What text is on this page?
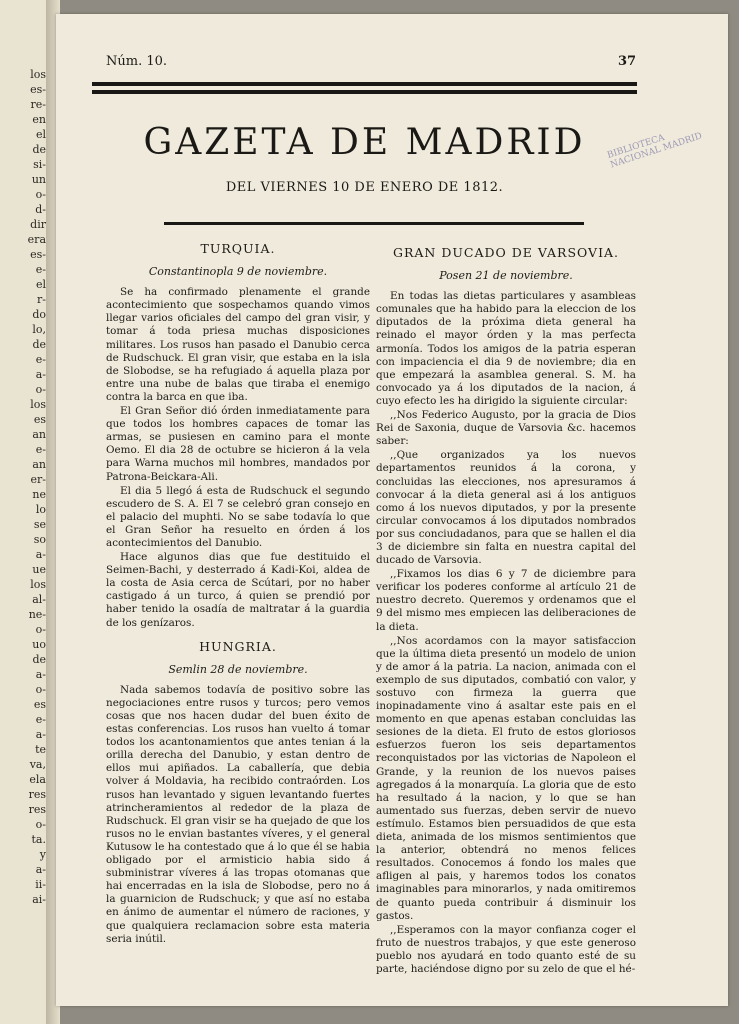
los
es-
re-
en
el
de
si-
un
o-
d-
dir
era
es-
e-
el
r-
do
lo,
de
e-
a-
o-
los
es
an
e-
an
er-
ne
lo
se
so
a-
ue
los
al-
ne-
o-
uo
de
a-
o-
es
e-
a-
te
va,
ela
res
res
o-
ta.
y
a-
ii-
ai-
Núm. 10.	37
GAZETA DE MADRID
DEL VIERNES 10 DE ENERO DE 1812.
BIBLIOTECA NACIONAL MADRID
TURQUIA.
Constantinopla 9 de noviembre.

Se ha confirmado plenamente el grande acontecimiento que sospechamos quando vimos llegar varios oficiales del campo del gran visir, y tomar á toda priesa muchas disposiciones militares. Los rusos han pasado el Danubio cerca de Rudschuck. El gran visir, que estaba en la isla de Slobodse, se ha refugiado á aquella plaza por entre una nube de balas que tiraba el enemigo contra la barca en que iba.

El Gran Señor dió órden inmediatamente para que todos los hombres capaces de tomar las armas, se pusiesen en camino para el monte Oemo. El dia 28 de octubre se hicieron á la vela para Warna muchos mil hombres, mandados por Patrona-Beickara-Ali.

El dia 5 llegó á esta de Rudschuck el segundo escudero de S. A. El 7 se celebró gran consejo en el palacio del muphti. No se sabe todavía lo que el Gran Señor ha resuelto en órden á los acontecimientos del Danubio.

Hace algunos dias que fue destituido el Seimen-Bachi, y desterrado á Kadi-Koi, aldea de la costa de Asia cerca de Scútari, por no haber castigado á un turco, á quien se prendió por haber tenido la osadía de maltratar á la guardia de los genízaros.

HUNGRIA.
Semlin 28 de noviembre.

Nada sabemos todavía de positivo sobre las negociaciones entre rusos y turcos; pero vemos cosas que nos hacen dudar del buen éxito de estas conferencias. Los rusos han vuelto á tomar todos los acantonamientos que antes tenian á la orilla derecha del Danubio, y estan dentro de ellos mui apiñados. La caballería, que debia volver á Moldavia, ha recibido contraórden. Los rusos han levantado y siguen levantando fuertes atrincheramientos al rededor de la plaza de Rudschuck. El gran visir se ha quejado de que los rusos no le envian bastantes víveres, y el general Kutusow le ha contestado que á lo que él se habia obligado por el armisticio habia sido á subministrar víveres á las tropas otomanas que hai encerradas en la isla de Slobodse, pero no á la guarnicion de Rudschuck; y que así no estaba en ánimo de aumentar el número de raciones, y que qualquiera reclamacion sobre esta materia seria inútil.

GRAN DUCADO DE VARSOVIA.
Posen 21 de noviembre.

En todas las dietas particulares y asambleas comunales que ha habido para la eleccion de los diputados de la próxima dieta general ha reinado el mayor órden y la mas perfecta armonía. Todos los amigos de la patria esperan con impaciencia el dia 9 de noviembre; dia en que empezará la asamblea general. S. M. ha convocado ya á los diputados de la nacion, á cuyo efecto les ha dirigido la siguiente circular:

,,Nos Federico Augusto, por la gracia de Dios Rei de Saxonia, duque de Varsovia &c. hacemos saber:

,,Que organizados ya los nuevos departamentos reunidos á la corona, y concluidas las elecciones, nos apresuramos á convocar á la dieta general asi á los antiguos como á los nuevos diputados, y por la presente circular convocamos á los diputados nombrados por sus conciudadanos, para que se hallen el dia 3 de diciembre sin falta en nuestra capital del ducado de Varsovia.

,,Fixamos los dias 6 y 7 de diciembre para verificar los poderes conforme al artículo 21 de nuestro decreto. Queremos y ordenamos que el 9 del mismo mes empiecen las deliberaciones de la dieta.

,,Nos acordamos con la mayor satisfaccion que la última dieta presentó un modelo de union y de amor á la patria. La nacion, animada con el exemplo de sus diputados, combatió con valor, y sostuvo con firmeza la guerra que inopinadamente vino á asaltar este pais en el momento en que apenas estaban concluidas las sesiones de la dieta. El fruto de estos gloriosos esfuerzos fueron los seis departamentos reconquistados por las victorias de Napoleon el Grande, y la reunion de los nuevos paises agregados á la monarquía. La gloria que de esto ha resultado á la nacion, y lo que se han aumentado sus fuerzas, deben servir de nuevo estímulo. Estamos bien persuadidos de que esta dieta, animada de los mismos sentimientos que la anterior, obtendrá no menos felices resultados. Conocemos á fondo los males que afligen al pais, y haremos todos los conatos imaginables para minorarlos, y nada omitiremos de quanto pueda contribuir á disminuir los gastos.

,,Esperamos con la mayor confianza coger el fruto de nuestros trabajos, y que este generoso pueblo nos ayudará en todo quanto esté de su parte, haciéndose digno por su zelo de que el hé-
